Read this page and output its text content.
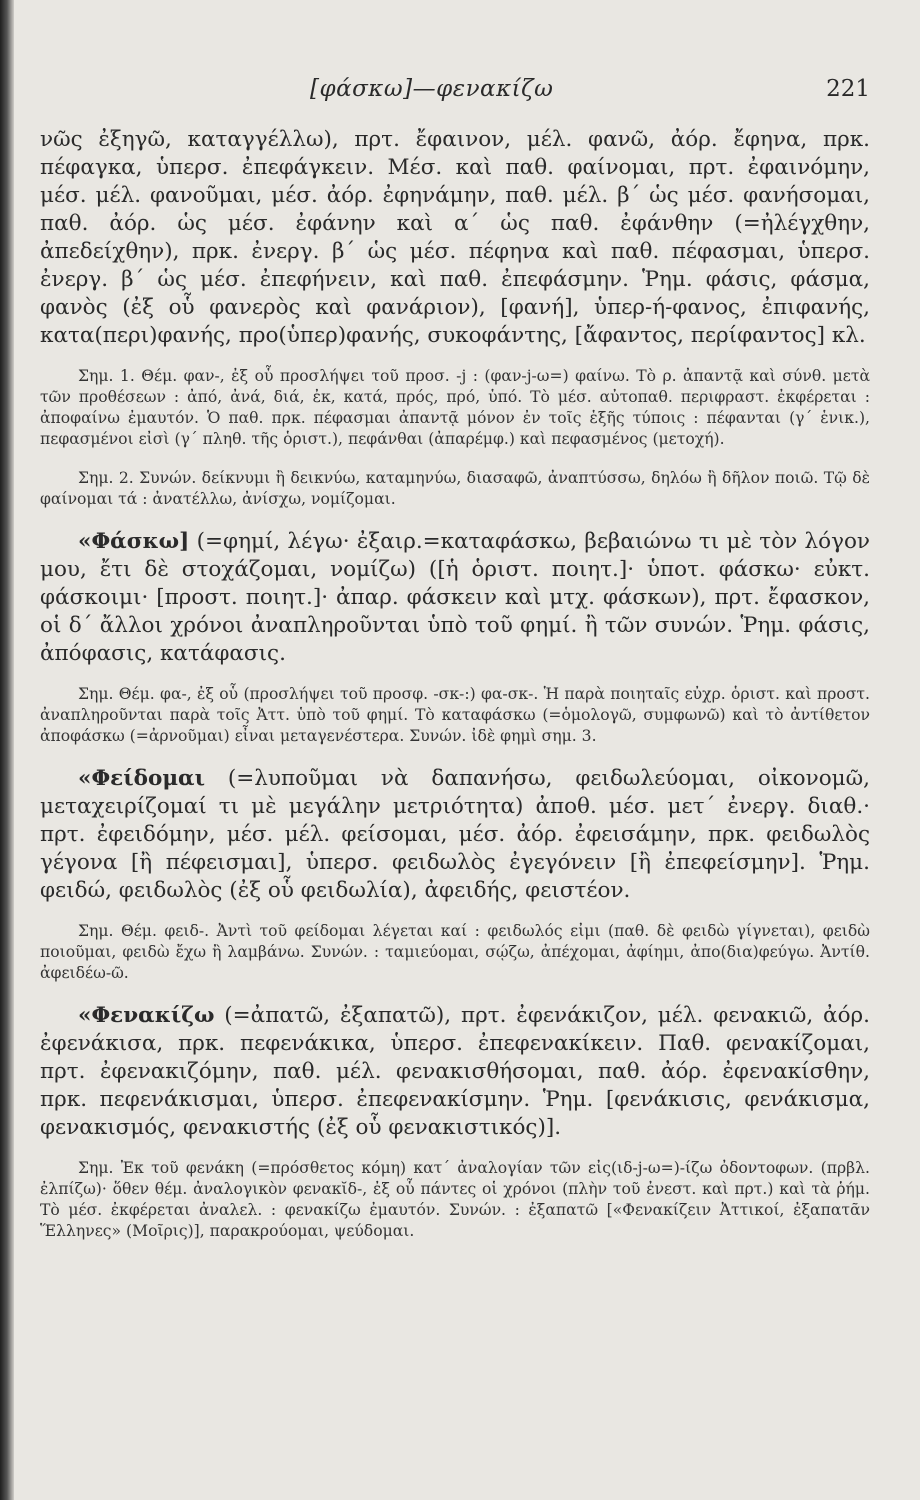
[φάσκω]—φενακίζω	221

νῶς ἐξηγῶ, καταγγέλλω), πρτ. ἔφαινον, μέλ. φανῶ, ἀόρ. ἔφηνα, πρκ. πέφαγκα, ὑπερσ. ἐπεφάγκειν. Μέσ. καὶ παθ. φαίνομαι, πρτ. ἐφαινόμην, μέσ. μέλ. φανοῦμαι, μέσ. ἀόρ. ἐφηνάμην, παθ. μέλ. β΄ ὡς μέσ. φανήσομαι, παθ. ἀόρ. ὡς μέσ. ἐφάνην καὶ α΄ ὡς παθ. ἐφάνθην (=ἠλέγχθην, ἀπεδείχθην), πρκ. ἐνεργ. β΄ ὡς μέσ. πέφηνα καὶ παθ. πέφασμαι, ὑπερσ. ἐνεργ. β΄ ὡς μέσ. ἐπεφήνειν, καὶ παθ. ἐπεφάσμην. Ῥημ. φάσις, φάσμα, φανὸς (ἐξ οὗ φανερὸς καὶ φανάριον), [φανή], ὑπερ-ή-φανος, ἐπιφανής, κατα(περι)φανής, προ(ὑπερ)φανής, συκοφάντης, [ἄφαντος, περίφαντος] κλ.

Σημ. 1. Θέμ. φαν-, ἐξ οὗ προσλήψει τοῦ προσ. -j : (φαν-j-ω=) φαίνω. Τὸ ρ. ἀπαντᾷ καὶ σύνθ. μετὰ τῶν προθέσεων : ἀπό, ἀνά, διά, ἐκ, κατά, πρός, πρό, ὑπό. Τὸ μέσ. αὐτοπαθ. περιφραστ. ἐκφέρεται : ἀποφαίνω ἐμαυτόν. Ὁ παθ. πρκ. πέφασμαι ἀπαντᾷ μόνον ἐν τοῖς ἑξῆς τύποις : πέφανται (γ΄ ἑνικ.), πεφασμένοι εἰσὶ (γ΄ πληθ. τῆς ὁριστ.), πεφάνθαι (ἀπαρέμφ.) καὶ πεφασμένος (μετοχή).

Σημ. 2. Συνών. δείκνυμι ἢ δεικνύω, καταμηνύω, διασαφῶ, ἀναπτύσσω, δηλόω ἢ δῆλον ποιῶ. Τῷ δὲ φαίνομαι τά : ἀνατέλλω, ἀνίσχω, νομίζομαι.

«Φάσκω] (=φημί, λέγω· ἐξαιρ.=καταφάσκω, βεβαιώνω τι μὲ τὸν λόγον μου, ἔτι δὲ στοχάζομαι, νομίζω) ([ἡ ὁριστ. ποιητ.]· ὑποτ. φάσκω· εὐκτ. φάσκοιμι· [προστ. ποιητ.]· ἀπαρ. φάσκειν καὶ μτχ. φάσκων), πρτ. ἔφασκον, οἱ δ΄ ἄλλοι χρόνοι ἀναπληροῦνται ὑπὸ τοῦ φημί. ἢ τῶν συνών. Ῥημ. φάσις, ἀπόφασις, κατάφασις.

Σημ. Θέμ. φα-, ἐξ οὗ (προσλήψει τοῦ προσφ. -σκ-:) φα-σκ-. Ἡ παρὰ ποιηταῖς εὐχρ. ὁριστ. καὶ προστ. ἀναπληροῦνται παρὰ τοῖς Ἀττ. ὑπὸ τοῦ φημί. Τὸ καταφάσκω (=ὁμολογῶ, συμφωνῶ) καὶ τὸ ἀντίθετον ἀποφάσκω (=ἀρνοῦμαι) εἶναι μεταγενέστερα. Συνών. ἰδὲ φημὶ σημ. 3.

«Φείδομαι (=λυποῦμαι νὰ δαπανήσω, φειδωλεύομαι, οἰκονομῶ, μεταχειρίζομαί τι μὲ μεγάλην μετριότητα) ἀποθ. μέσ. μετ΄ ἐνεργ. διαθ.· πρτ. ἐφειδόμην, μέσ. μέλ. φείσομαι, μέσ. ἀόρ. ἐφεισάμην, πρκ. φειδωλὸς γέγονα [ἢ πέφεισμαι], ὑπερσ. φειδωλὸς ἐγεγόνειν [ἢ ἐπεφείσμην]. Ῥημ. φειδώ, φειδωλὸς (ἐξ οὗ φειδωλία), ἀφειδής, φειστέον.

Σημ. Θέμ. φειδ-. Ἀντὶ τοῦ φείδομαι λέγεται καί : φειδωλός εἰμι (παθ. δὲ φειδὼ γίγνεται), φειδὼ ποιοῦμαι, φειδὼ ἔχω ἢ λαμβάνω. Συνών. : ταμιεύομαι, σῴζω, ἀπέχομαι, ἀφίημι, ἀπο(δια)φεύγω. Ἀντίθ. ἀφειδέω-ῶ.

«Φενακίζω (=ἀπατῶ, ἐξαπατῶ), πρτ. ἐφενάκιζον, μέλ. φενακιῶ, ἀόρ. ἐφενάκισα, πρκ. πεφενάκικα, ὑπερσ. ἐπεφενακίκειν. Παθ. φενακίζομαι, πρτ. ἐφενακιζόμην, παθ. μέλ. φενακισθήσομαι, παθ. ἀόρ. ἐφενακίσθην, πρκ. πεφενάκισμαι, ὑπερσ. ἐπεφενακίσμην. Ῥημ. [φενάκισις, φενάκισμα, φενακισμός, φενακιστής (ἐξ οὗ φενακιστικός)].

Σημ. Ἐκ τοῦ φενάκη (=πρόσθετος κόμη) κατ΄ ἀναλογίαν τῶν εἰς(ιδ-j-ω=)-ίζω ὀδοντοφων. (πρβλ. ἐλπίζω)· ὅθεν θέμ. ἀναλογικὸν φενακῐδ-, ἐξ οὗ πάντες οἱ χρόνοι (πλὴν τοῦ ἐνεστ. καὶ πρτ.) καὶ τὰ ῥήμ. Τὸ μέσ. ἐκφέρεται ἀναλελ. : φενακίζω ἐμαυτόν. Συνών. : ἐξαπατῶ [«Φενακίζειν Ἀττικοί, ἐξαπατᾶν Ἕλληνες» (Μοῖρις)], παρακρούομαι, ψεύδομαι.
